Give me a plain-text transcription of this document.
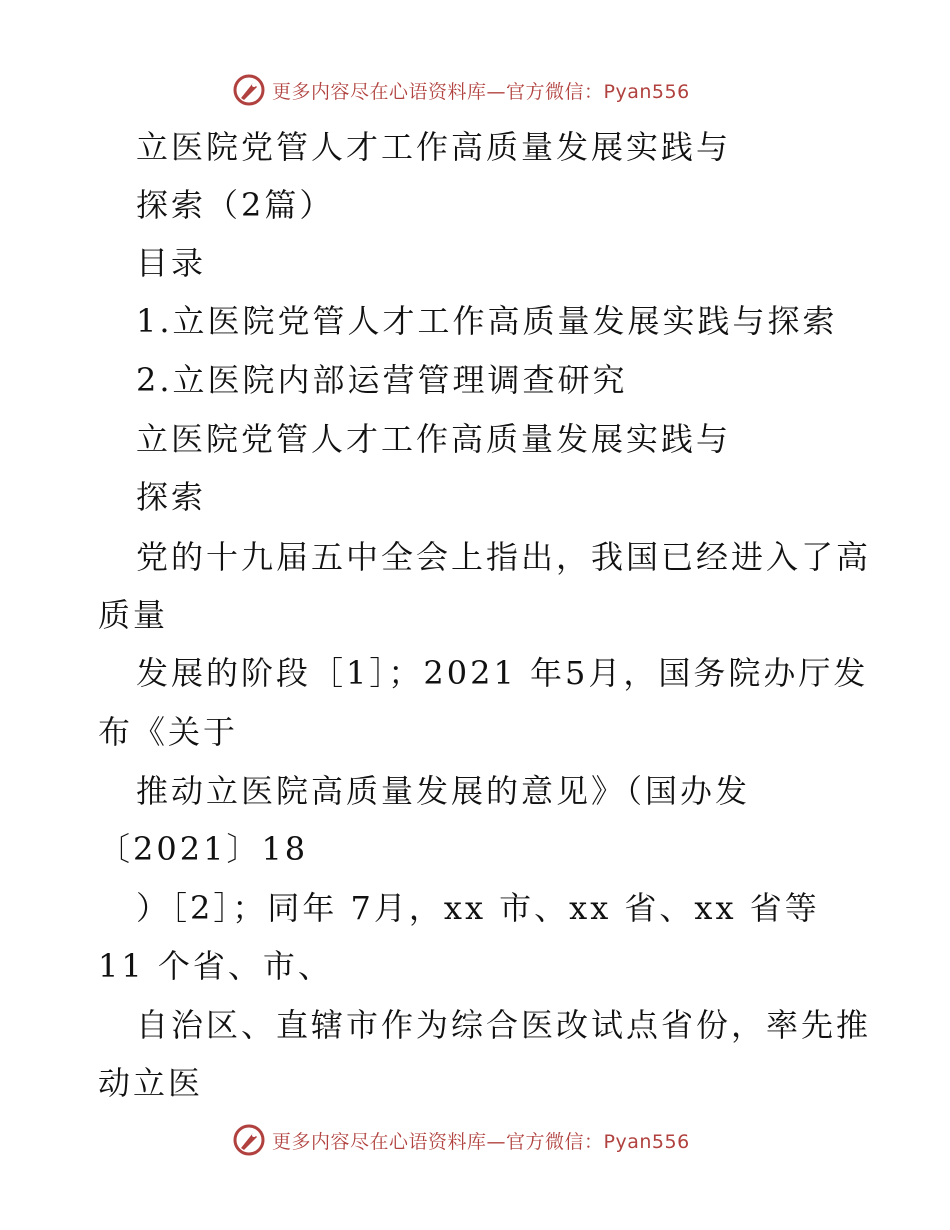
更多内容尽在心语资料库—官方微信：Pyan556
立医院党管人才工作高质量发展实践与
探索（2篇）
目录
1.立医院党管人才工作高质量发展实践与探索
2.立医院内部运营管理调查研究
立医院党管人才工作高质量发展实践与
探索
党的十九届五中全会上指出，我国已经进入了高
质量
发展的阶段［1］；2021 年5月，国务院办厅发
布《关于
推动立医院高质量发展的意见》（国办发
〔2021〕18
）［2］；同年 7月，xx 市、xx 省、xx 省等
11 个省、市、
自治区、直辖市作为综合医改试点省份，率先推
动立医
更多内容尽在心语资料库—官方微信：Pyan556
